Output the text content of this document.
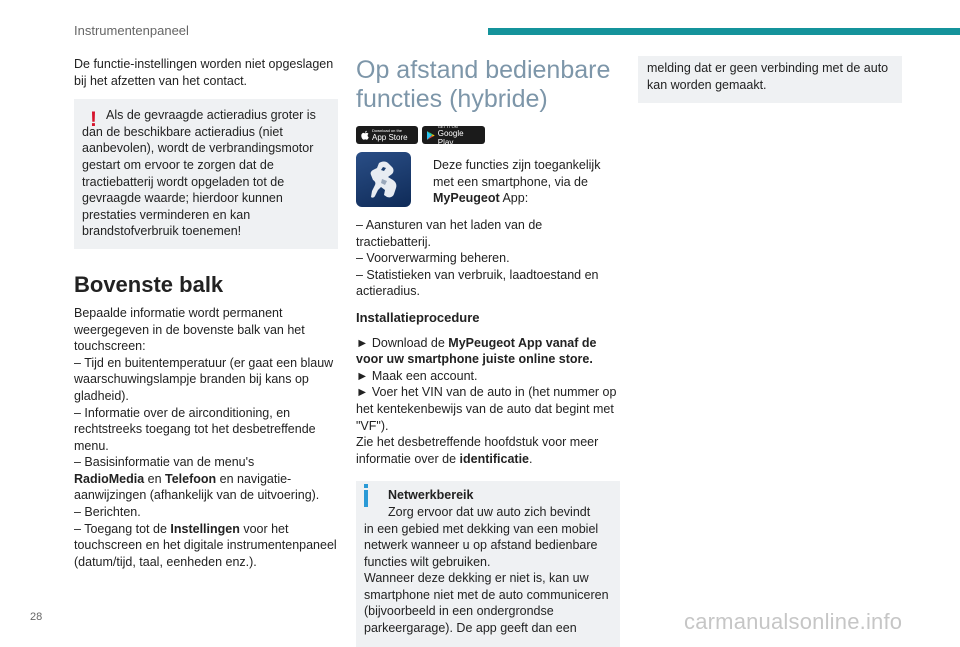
Instrumentenpaneel

De functie-instellingen worden niet opgeslagen bij het afzetten van het contact.

! Als de gevraagde actieradius groter is dan de beschikbare actieradius (niet aanbevolen), wordt de verbrandingsmotor gestart om ervoor te zorgen dat de tractiebatterij wordt opgeladen tot de gevraagde waarde; hierdoor kunnen prestaties verminderen en kan brandstofverbruik toenemen!

Bovenste balk

Bepaalde informatie wordt permanent weergegeven in de bovenste balk van het touchscreen:

– Tijd en buitentemperatuur (er gaat een blauw waarschuwingslampje branden bij kans op gladheid).

– Informatie over de airconditioning, en rechtstreeks toegang tot het desbetreffende menu.

– Basisinformatie van de menu's
RadioMedia en Telefoon en navigatie-aanwijzingen (afhankelijk van de uitvoering).

– Berichten.

– Toegang tot de Instellingen voor het touchscreen en het digitale instrumentenpaneel (datum/tijd, taal, eenheden enz.).

Op afstand bedienbare functies (hybride)
Download on the
App Store
GET IT ON
Google Play

Deze functies zijn toegankelijk met een smartphone, via de MyPeugeot App:

– Aansturen van het laden van de tractiebatterij.

– Voorverwarming beheren.

– Statistieken van verbruik, laadtoestand en actieradius.

Installatieprocedure

► Download de MyPeugeot App vanaf de voor uw smartphone juiste online store.

► Maak een account.

► Voer het VIN van de auto in (het nummer op het kentekenbewijs van de auto dat begint met "VF").

Zie het desbetreffende hoofdstuk voor meer informatie over de identificatie.

Netwerkbereik
Zorg ervoor dat uw auto zich bevindt
in een gebied met dekking van een mobiel netwerk wanneer u op afstand bedienbare functies wilt gebruiken.
Wanneer deze dekking er niet is, kan uw smartphone niet met de auto communiceren (bijvoorbeeld in een ondergrondse parkeergarage). De app geeft dan een

melding dat er geen verbinding met de auto kan worden gemaakt.

28	carmanualsonline.info
